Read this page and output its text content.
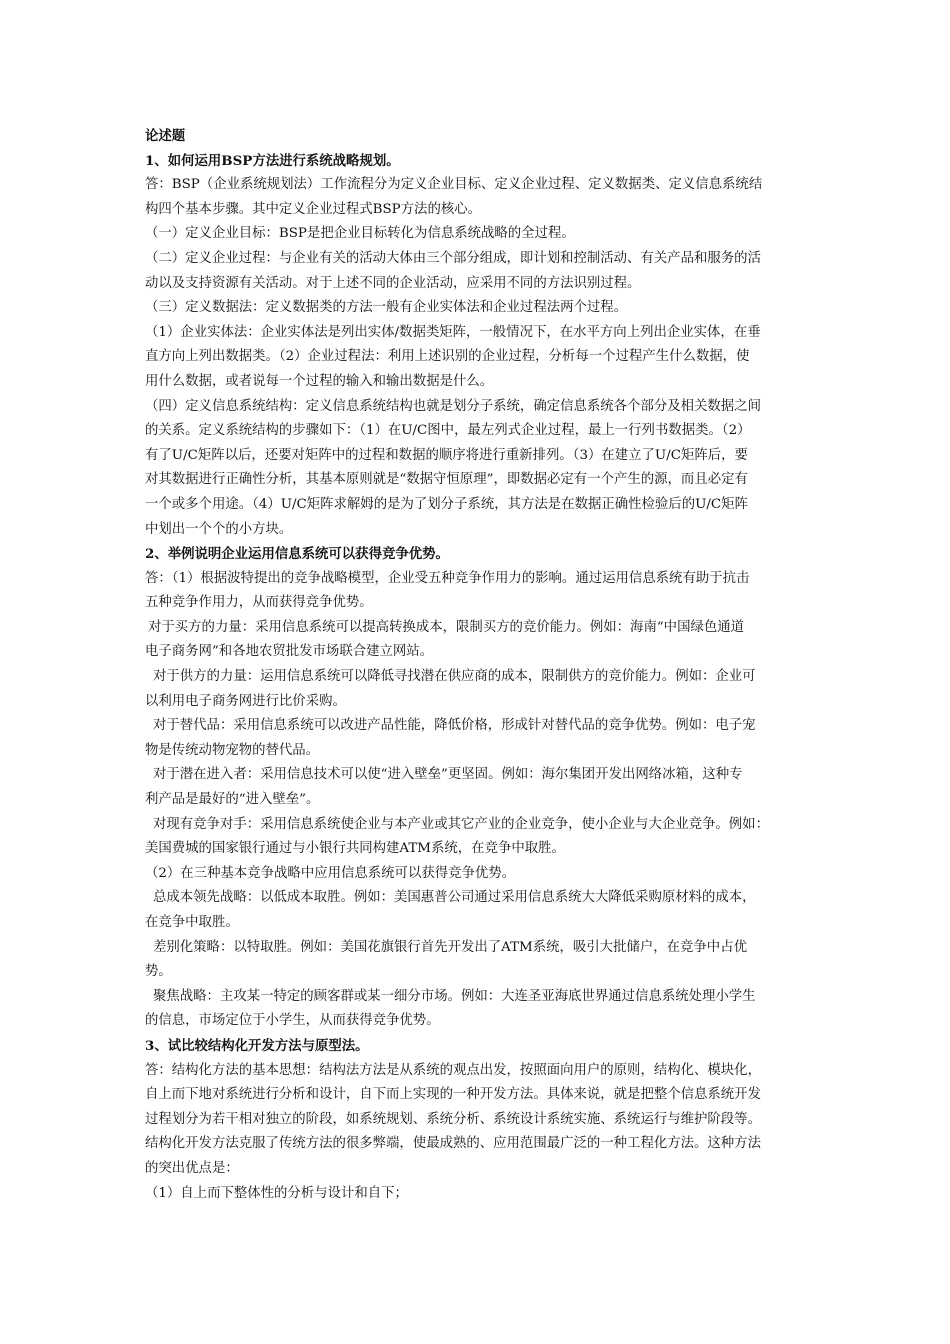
论述题
1、如何运用BSP方法进行系统战略规划。
答：BSP（企业系统规划法）工作流程分为定义企业目标、定义企业过程、定义数据类、定义信息系统结
构四个基本步骤。其中定义企业过程式BSP方法的核心。
（一）定义企业目标：BSP是把企业目标转化为信息系统战略的全过程。
（二）定义企业过程：与企业有关的活动大体由三个部分组成，即计划和控制活动、有关产品和服务的活
动以及支持资源有关活动。对于上述不同的企业活动，应采用不同的方法识别过程。
（三）定义数据法：定义数据类的方法一般有企业实体法和企业过程法两个过程。
（1）企业实体法：企业实体法是列出实体/数据类矩阵，一般情况下，在水平方向上列出企业实体，在垂
直方向上列出数据类。（2）企业过程法：利用上述识别的企业过程，分析每一个过程产生什么数据，使
用什么数据，或者说每一个过程的输入和输出数据是什么。
（四）定义信息系统结构：定义信息系统结构也就是划分子系统，确定信息系统各个部分及相关数据之间
的关系。定义系统结构的步骤如下：（1）在U/C图中，最左列式企业过程，最上一行列书数据类。（2）
有了U/C矩阵以后，还要对矩阵中的过程和数据的顺序将进行重新排列。（3）在建立了U/C矩阵后，要
对其数据进行正确性分析，其基本原则就是“数据守恒原理”，即数据必定有一个产生的源，而且必定有
一个或多个用途。（4）U/C矩阵求解姆的是为了划分子系统，其方法是在数据正确性检验后的U/C矩阵
中划出一个个的小方块。
2、举例说明企业运用信息系统可以获得竞争优势。
答：（1）根据波特提出的竞争战略模型，企业受五种竞争作用力的影响。通过运用信息系统有助于抗击
五种竞争作用力，从而获得竞争优势。
对于买方的力量：采用信息系统可以提高转换成本，限制买方的竞价能力。例如：海南“中国绿色通道
电子商务网”和各地农贸批发市场联合建立网站。
对于供方的力量：运用信息系统可以降低寻找潜在供应商的成本，限制供方的竞价能力。例如：企业可
以利用电子商务网进行比价采购。
对于替代品：采用信息系统可以改进产品性能，降低价格，形成针对替代品的竞争优势。例如：电子宠
物是传统动物宠物的替代品。
对于潜在进入者：采用信息技术可以使“进入壁垒”更坚固。例如：海尔集团开发出网络冰箱，这种专
利产品是最好的“进入壁垒”。
对现有竞争对手：采用信息系统使企业与本产业或其它产业的企业竞争，使小企业与大企业竞争。例如：
美国费城的国家银行通过与小银行共同构建ATM系统，在竞争中取胜。
（2）在三种基本竞争战略中应用信息系统可以获得竞争优势。
总成本领先战略：以低成本取胜。例如：美国惠普公司通过采用信息系统大大降低采购原材料的成本，
在竞争中取胜。
差别化策略：以特取胜。例如：美国花旗银行首先开发出了ATM系统，吸引大批储户，在竞争中占优
势。
聚焦战略：主攻某一特定的顾客群或某一细分市场。例如：大连圣亚海底世界通过信息系统处理小学生
的信息，市场定位于小学生，从而获得竞争优势。
3、试比较结构化开发方法与原型法。
答：结构化方法的基本思想：结构法方法是从系统的观点出发，按照面向用户的原则，结构化、模块化，
自上而下地对系统进行分析和设计，自下而上实现的一种开发方法。具体来说，就是把整个信息系统开发
过程划分为若干相对独立的阶段，如系统规划、系统分析、系统设计系统实施、系统运行与维护阶段等。
结构化开发方法克服了传统方法的很多弊端，使最成熟的、应用范围最广泛的一种工程化方法。这种方法
的突出优点是：
（1）自上而下整体性的分析与设计和自下；
